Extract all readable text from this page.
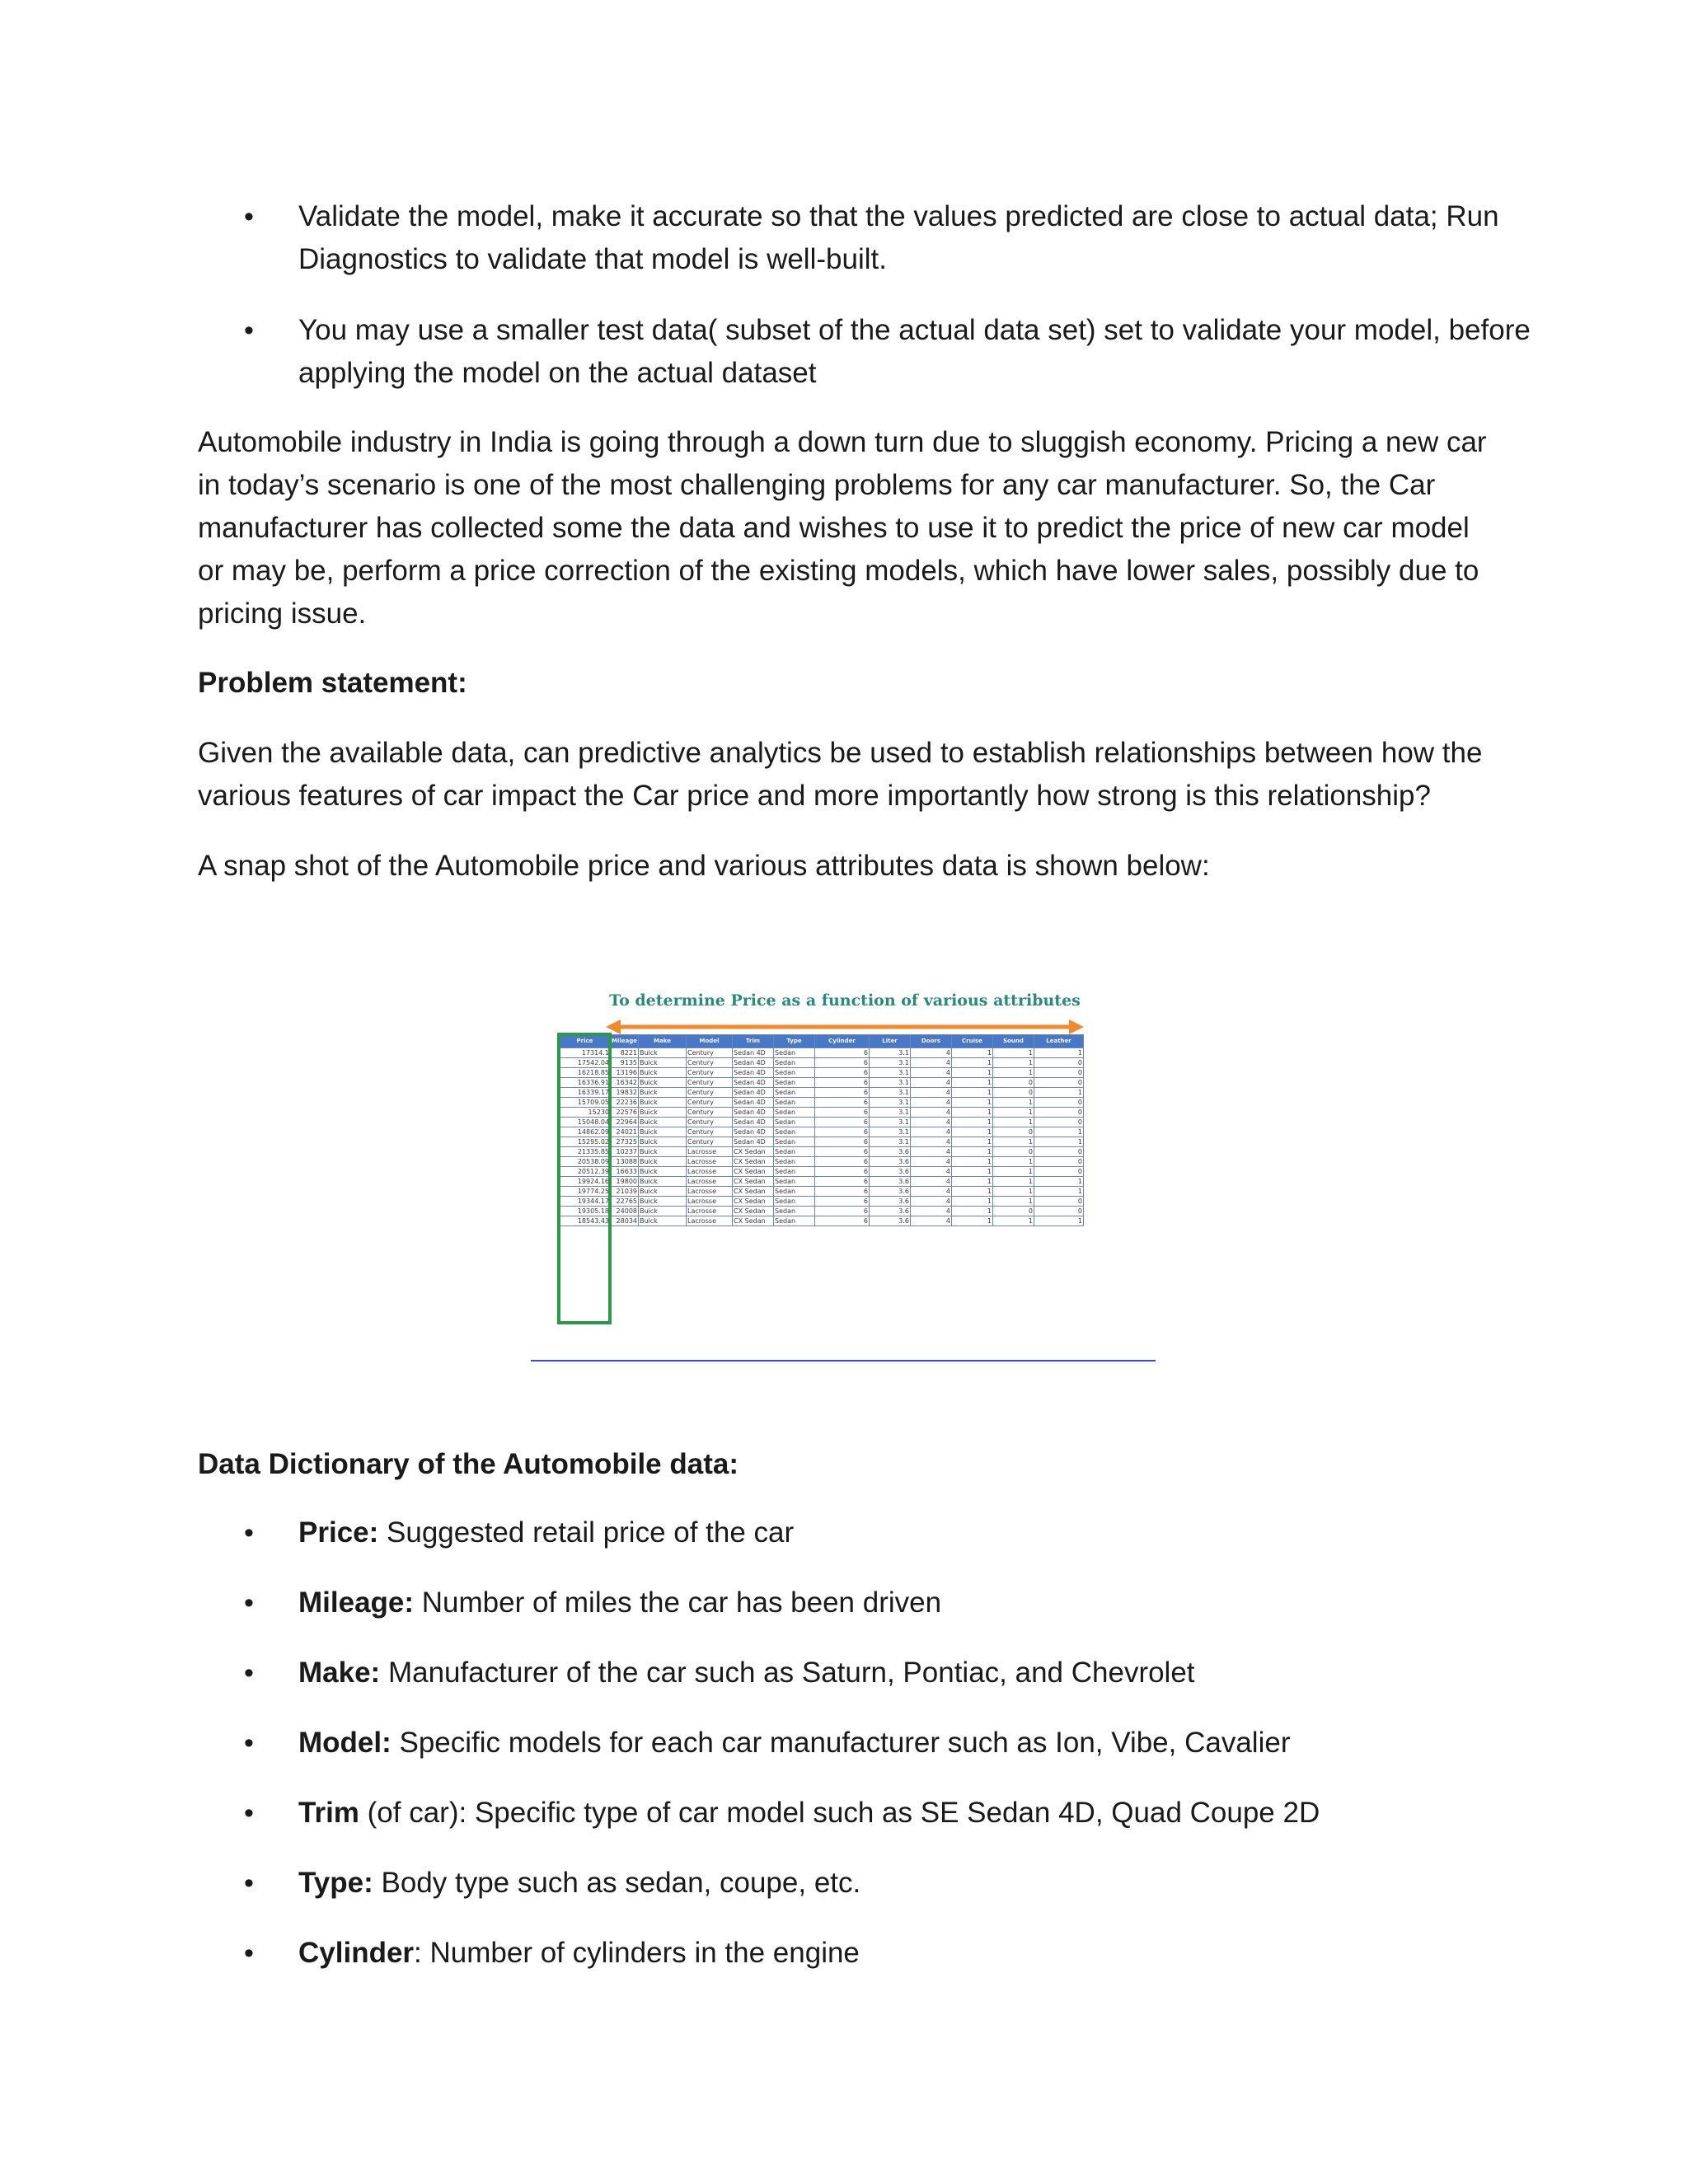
• Validate the model, make it accurate so that the values predicted are close to actual data; Run Diagnostics to validate that model is well-built.
• You may use a smaller test data( subset of the actual data set) set to validate your model, before applying the model on the actual dataset

Automobile industry in India is going through a down turn due to sluggish economy. Pricing a new car in today’s scenario is one of the most challenging problems for any car manufacturer. So, the Car manufacturer has collected some the data and wishes to use it to predict the price of new car model or may be, perform a price correction of the existing models, which have lower sales, possibly due to pricing issue.

Problem statement:

Given the available data, can predictive analytics be used to establish relationships between how the various features of car impact the Car price and more importantly how strong is this relationship?

A snap shot of the Automobile price and various attributes data is shown below:

To determine Price as a function of various attributes
Price	Mileage	Make	Model	Trim	Type	Cylinder	Liter	Doors	Cruise	Sound	Leather
17314.1	8221	Buick	Century	Sedan 4D	Sedan	6	3.1	4	1	1	1
17542.04	9135	Buick	Century	Sedan 4D	Sedan	6	3.1	4	1	1	0
16218.85	13196	Buick	Century	Sedan 4D	Sedan	6	3.1	4	1	1	0
16336.91	16342	Buick	Century	Sedan 4D	Sedan	6	3.1	4	1	0	0
16339.17	19832	Buick	Century	Sedan 4D	Sedan	6	3.1	4	1	0	1
15709.05	22236	Buick	Century	Sedan 4D	Sedan	6	3.1	4	1	1	0
15230	22576	Buick	Century	Sedan 4D	Sedan	6	3.1	4	1	1	0
15048.04	22964	Buick	Century	Sedan 4D	Sedan	6	3.1	4	1	1	0
14862.09	24021	Buick	Century	Sedan 4D	Sedan	6	3.1	4	1	0	1
15295.02	27325	Buick	Century	Sedan 4D	Sedan	6	3.1	4	1	1	1
21335.85	10237	Buick	Lacrosse	CX Sedan	Sedan	6	3.6	4	1	0	0
20538.09	13088	Buick	Lacrosse	CX Sedan	Sedan	6	3.6	4	1	1	0
20512.39	16633	Buick	Lacrosse	CX Sedan	Sedan	6	3.6	4	1	1	0
19924.16	19800	Buick	Lacrosse	CX Sedan	Sedan	6	3.6	4	1	1	1
19774.25	21039	Buick	Lacrosse	CX Sedan	Sedan	6	3.6	4	1	1	1
19344.17	22765	Buick	Lacrosse	CX Sedan	Sedan	6	3.6	4	1	1	0
19305.18	24008	Buick	Lacrosse	CX Sedan	Sedan	6	3.6	4	1	0	0
18543.43	28034	Buick	Lacrosse	CX Sedan	Sedan	6	3.6	4	1	1	1

Data Dictionary of the Automobile data:

• Price: Suggested retail price of the car
• Mileage: Number of miles the car has been driven
• Make: Manufacturer of the car such as Saturn, Pontiac, and Chevrolet
• Model: Specific models for each car manufacturer such as Ion, Vibe, Cavalier
• Trim (of car): Specific type of car model such as SE Sedan 4D, Quad Coupe 2D
• Type: Body type such as sedan, coupe, etc.
• Cylinder: Number of cylinders in the engine
